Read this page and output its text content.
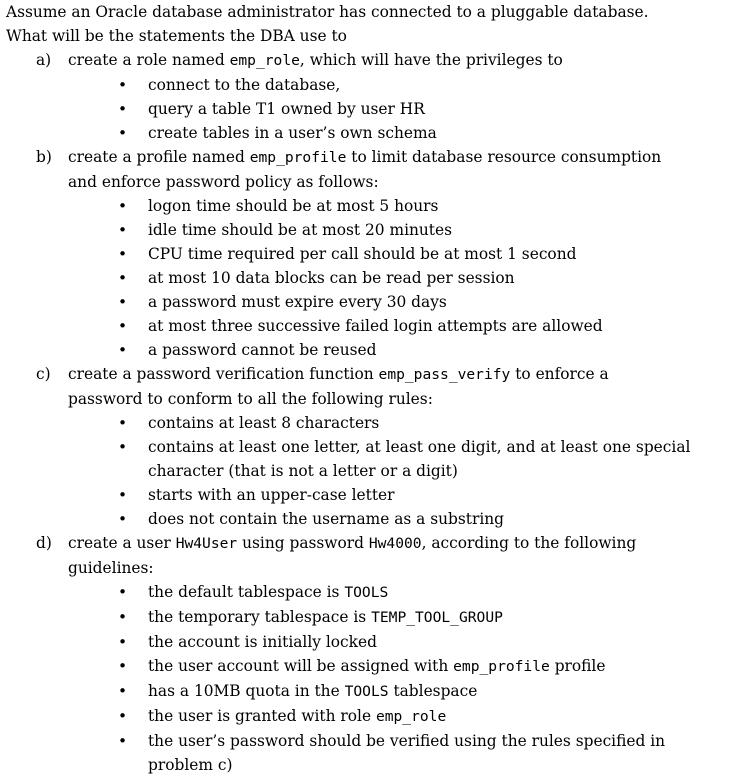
Assume an Oracle database administrator has connected to a pluggable database.
What will be the statements the DBA use to
a) create a role named emp_role, which will have the privileges to
• connect to the database,
• query a table T1 owned by user HR
• create tables in a user’s own schema
b) create a profile named emp_profile to limit database resource consumption
and enforce password policy as follows:
• logon time should be at most 5 hours
• idle time should be at most 20 minutes
• CPU time required per call should be at most 1 second
• at most 10 data blocks can be read per session
• a password must expire every 30 days
• at most three successive failed login attempts are allowed
• a password cannot be reused
c) create a password verification function emp_pass_verify to enforce a
password to conform to all the following rules:
• contains at least 8 characters
• contains at least one letter, at least one digit, and at least one special
character (that is not a letter or a digit)
• starts with an upper-case letter
• does not contain the username as a substring
d) create a user Hw4User using password Hw4000, according to the following
guidelines:
• the default tablespace is TOOLS
• the temporary tablespace is TEMP_TOOL_GROUP
• the account is initially locked
• the user account will be assigned with emp_profile profile
• has a 10MB quota in the TOOLS tablespace
• the user is granted with role emp_role
• the user’s password should be verified using the rules specified in
problem c)
